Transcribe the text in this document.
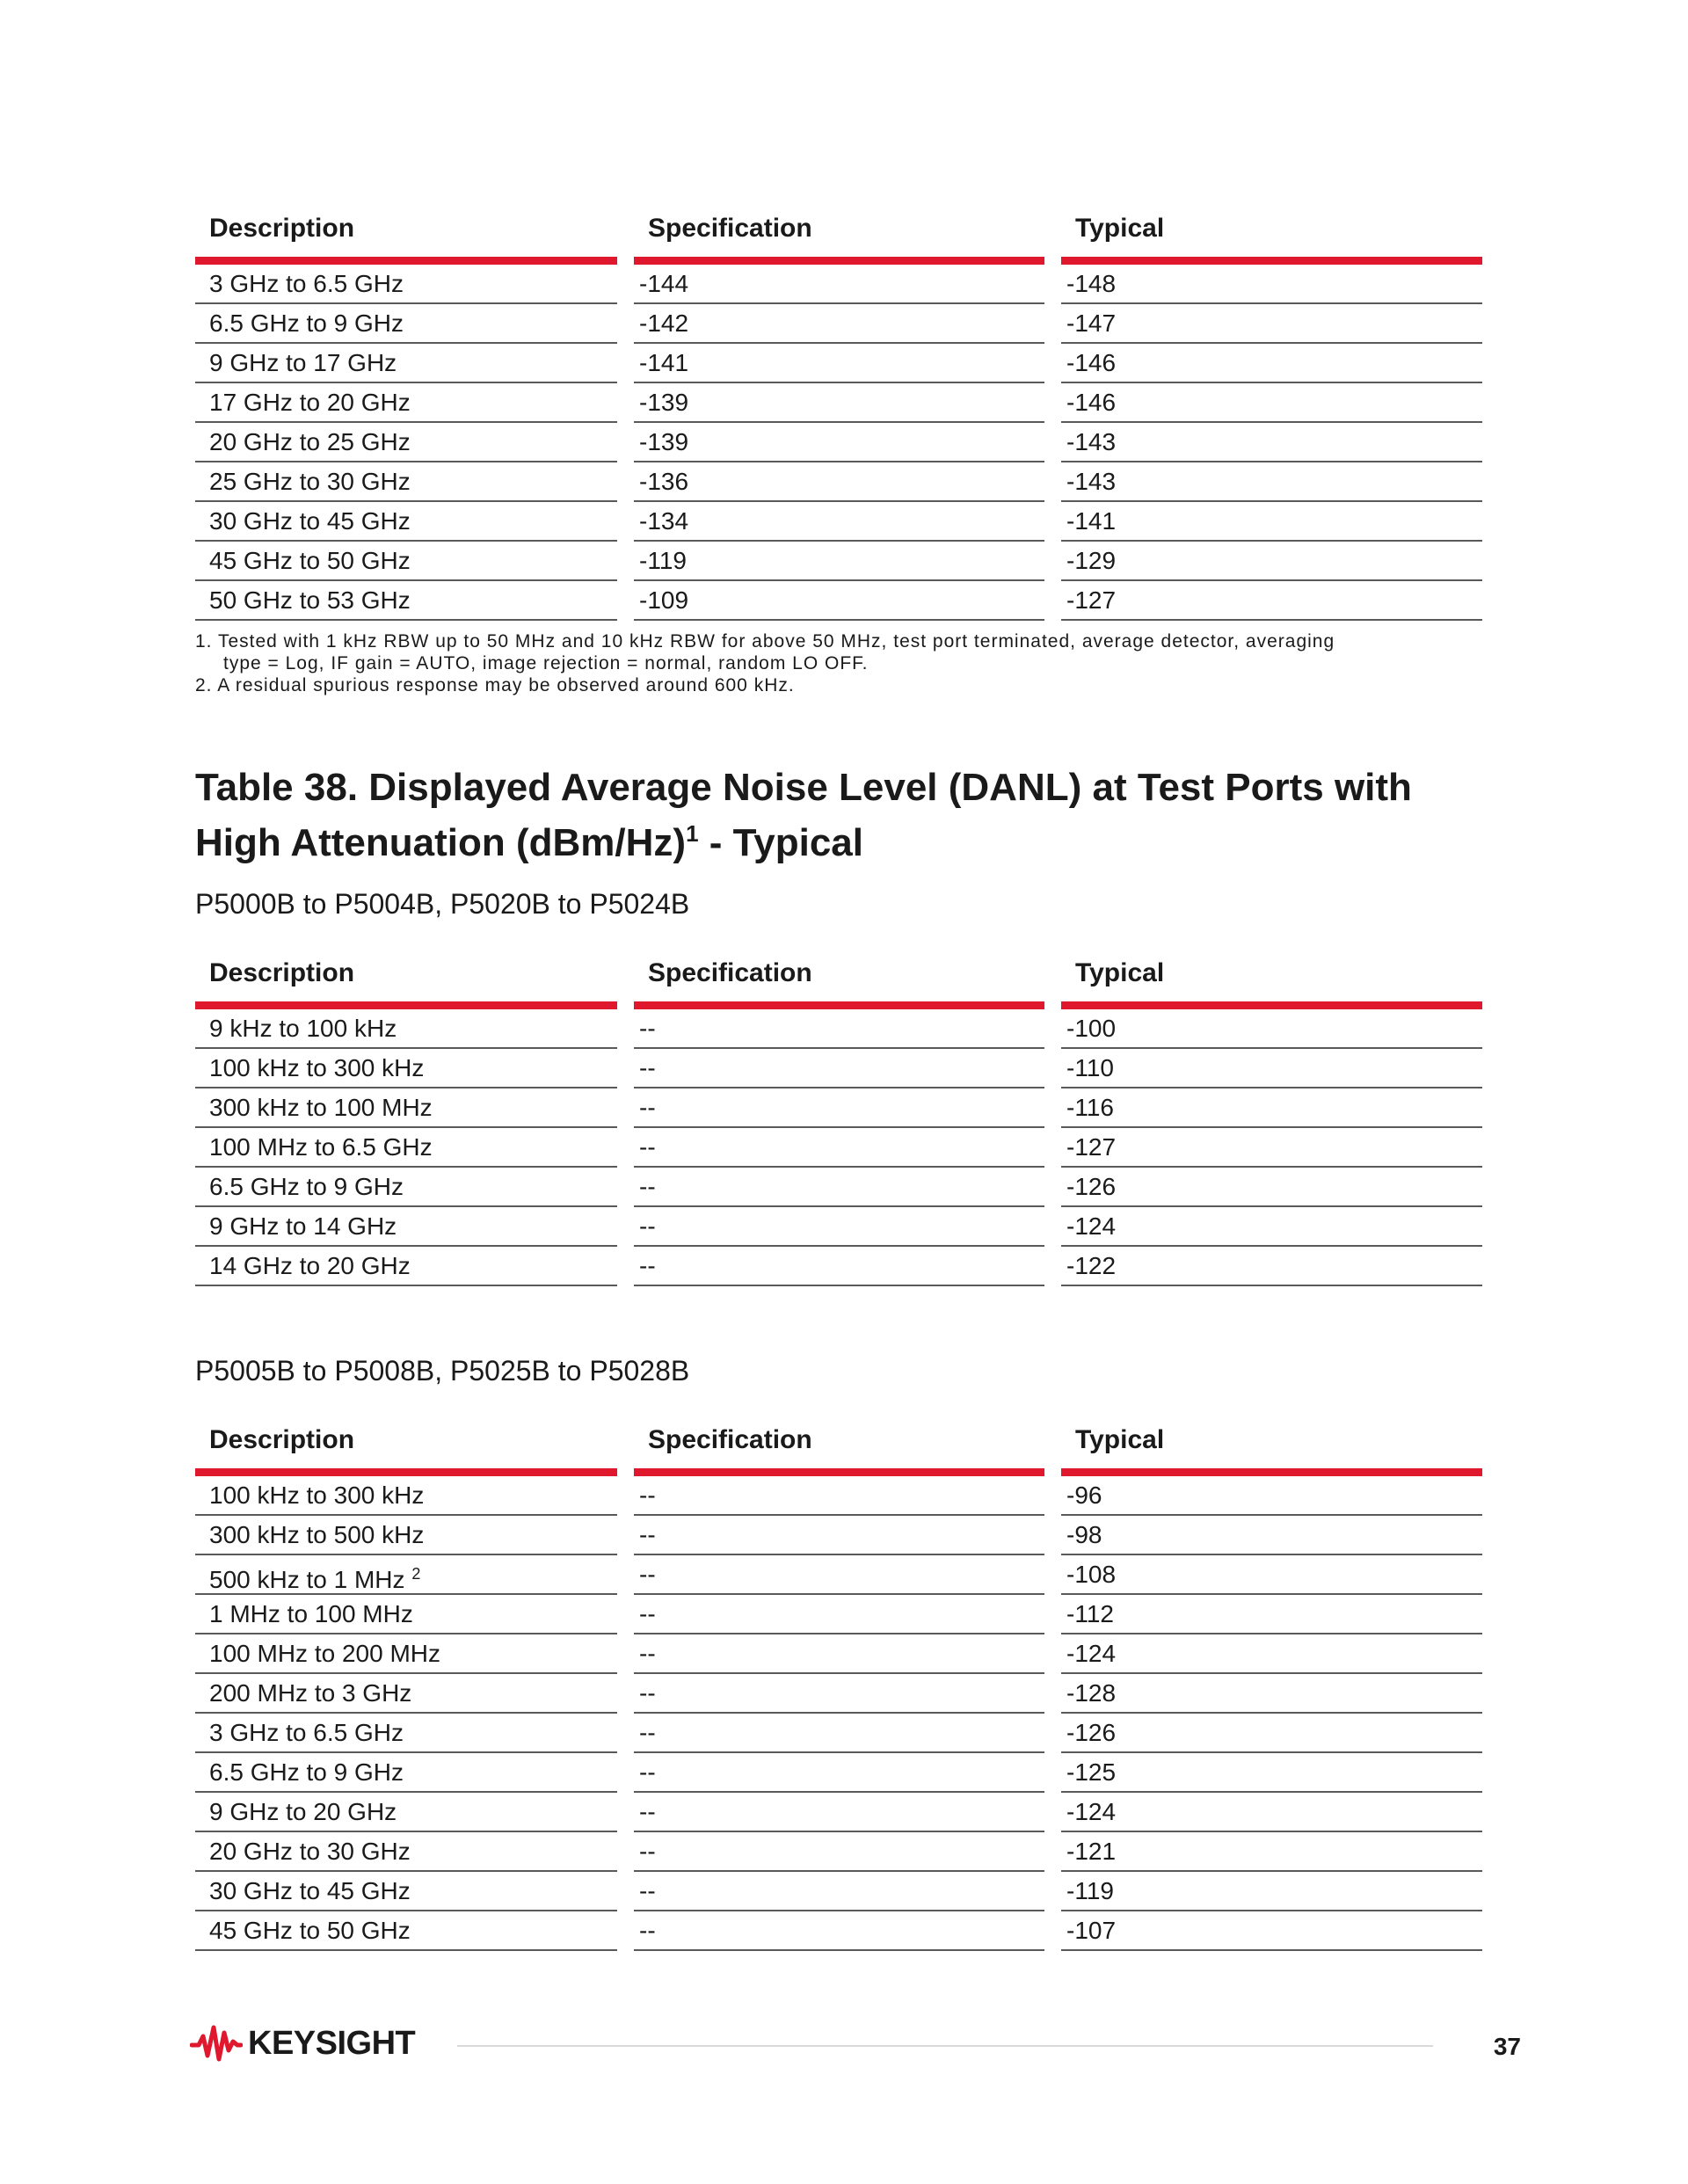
Description	Specification	Typical
3 GHz to 6.5 GHz	-144	-148
6.5 GHz to 9 GHz	-142	-147
9 GHz to 17 GHz	-141	-146
17 GHz to 20 GHz	-139	-146
20 GHz to 25 GHz	-139	-143
25 GHz to 30 GHz	-136	-143
30 GHz to 45 GHz	-134	-141
45 GHz to 50 GHz	-119	-129
50 GHz to 53 GHz	-109	-127

1. Tested with 1 kHz RBW up to 50 MHz and 10 kHz RBW for above 50 MHz, test port terminated, average detector, averaging

type = Log, IF gain = AUTO, image rejection = normal, random LO OFF.

2. A residual spurious response may be observed around 600 kHz.

Table 38. Displayed Average Noise Level (DANL) at Test Ports with
High Attenuation $(dBm/Hz)^1$ - Typical
P5000B to P5004B, P5020B to P5024B
Description	Specification	Typical
9 kHz to 100 kHz	--	-100
100 kHz to 300 kHz	--	-110
300 kHz to 100 MHz	--	-116
100 MHz to 6.5 GHz	--	-127
6.5 GHz to 9 GHz	--	-126
9 GHz to 14 GHz	--	-124
14 GHz to 20 GHz	--	-122
P5005B to P5008B, P5025B to P5028B
Description	Specification	Typical
100 kHz to 300 kHz	--	-96
300 kHz to 500 kHz	--	-98
500 kHz to 1 MHz $^2$	--	-108
1 MHz to 100 MHz	--	-112
100 MHz to 200 MHz	--	-124
200 MHz to 3 GHz	--	-128
3 GHz to 6.5 GHz	--	-126
6.5 GHz to 9 GHz	--	-125
9 GHz to 20 GHz	--	-124
20 GHz to 30 GHz	--	-121
30 GHz to 45 GHz	--	-119
45 GHz to 50 GHz	--	-107
KEYSIGHT	37
